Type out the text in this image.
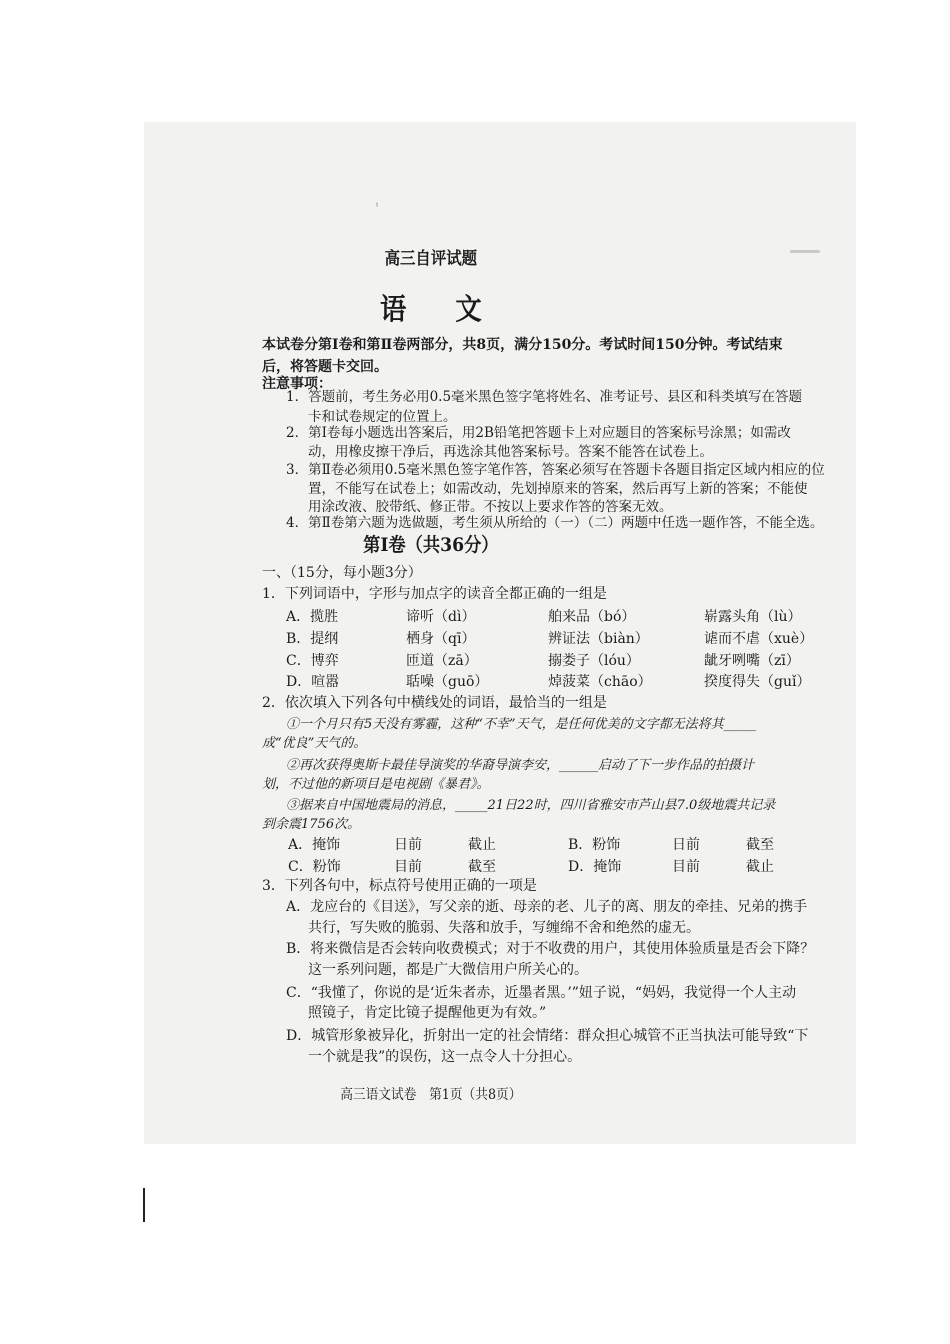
高三自评试题
语 文
本试卷分第Ⅰ卷和第Ⅱ卷两部分，共8页，满分150分。考试时间150分钟。考试结束
后，将答题卡交回。
注意事项：
1．答题前，考生务必用0.5毫米黑色签字笔将姓名、准考证号、县区和科类填写在答题
卡和试卷规定的位置上。
2．第Ⅰ卷每小题选出答案后，用2B铅笔把答题卡上对应题目的答案标号涂黑；如需改
动，用橡皮擦干净后，再选涂其他答案标号。答案不能答在试卷上。
3．第Ⅱ卷必须用0.5毫米黑色签字笔作答，答案必须写在答题卡各题目指定区域内相应的位
置，不能写在试卷上；如需改动，先划掉原来的答案，然后再写上新的答案；不能使
用涂改液、胶带纸、修正带。不按以上要求作答的答案无效。
4．第Ⅱ卷第六题为选做题，考生须从所给的（一）（二）两题中任选一题作答，不能全选。
第Ⅰ卷（共36分）
一、（15分，每小题3分）
1．下列词语中，字形与加点字的读音全都正确的一组是
A．揽胜	谛听（dì）	舶来品（bó）	崭露头角（lù）
B．提纲	栖身（qī）	辨证法（biàn）	谑而不虐（xuè）
C．博弈	匝道（zā）	搦娄子（lóu）	龇牙咧嘴（zī）
D．喧嚣	聒噪（guō）	焯菠菜（chāo）	揆度得失（guǐ）
2．依次填入下列各句中横线处的词语，最恰当的一组是
①一个月只有5天没有雾霾，这种“不幸”天气，是任何优美的文字都无法将其_____
成“优良”天气的。
②再次获得奥斯卡最佳导演奖的华裔导演李安，______启动了下一步作品的拍摄计
划，不过他的新项目是电视剧《暴君》。
③据来自中国地震局的消息，_____21日22时，四川省雅安市芦山县7.0级地震共记录
到余震1756次。
A．掩饰	日前	截止	B．粉饰	日前	截至
C．粉饰	目前	截至	D．掩饰	目前	截止
3．下列各句中，标点符号使用正确的一项是
A．龙应台的《目送》，写父亲的逝、母亲的老、儿子的离、朋友的牵挂、兄弟的携手
共行，写失败的脆弱、失落和放手，写缠绵不舍和绝然的虚无。
B．将来微信是否会转向收费模式；对于不收费的用户，其使用体验质量是否会下降？
这一系列问题，都是广大微信用户所关心的。
C．“我懂了，你说的是‘近朱者赤，近墨者黑。’”妞子说，“妈妈，我觉得一个人主动
照镜子，肯定比镜子提醒他更为有效。”
D．城管形象被异化，折射出一定的社会情绪：群众担心城管不正当执法可能导致“下
一个就是我”的误伤，这一点令人十分担心。
高三语文试卷　第1页（共8页）
